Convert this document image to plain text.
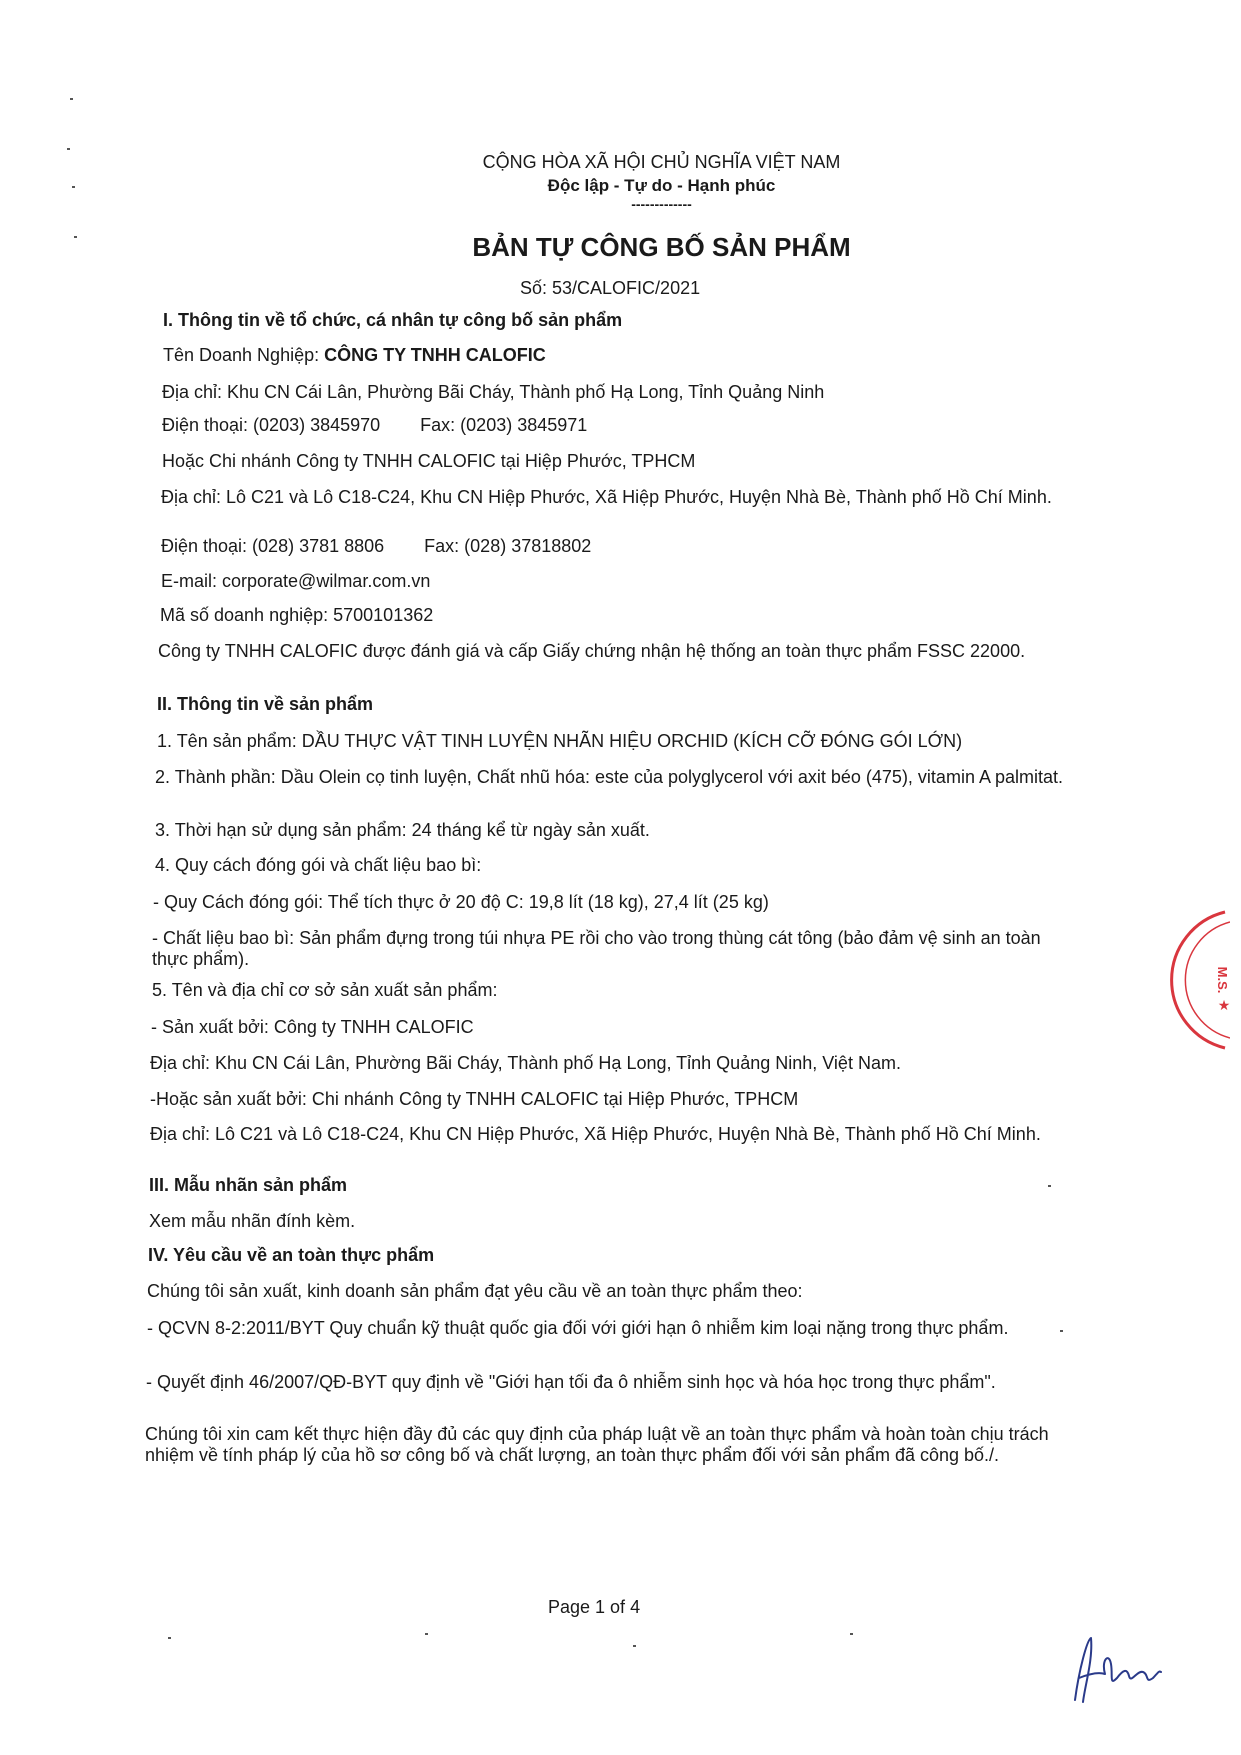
CỘNG HÒA XÃ HỘI CHỦ NGHĨA VIỆT NAM
Độc lập - Tự do - Hạnh phúc
-------------
BẢN TỰ CÔNG BỐ SẢN PHẨM
Số: 53/CALOFIC/2021
I. Thông tin về tổ chức, cá nhân tự công bố sản phẩm
Tên Doanh Nghiệp: CÔNG TY TNHH CALOFIC
Địa chỉ: Khu CN Cái Lân, Phường Bãi Cháy, Thành phố Hạ Long, Tỉnh Quảng Ninh
Điện thoại: (0203) 3845970 Fax: (0203) 3845971
Hoặc Chi nhánh Công ty TNHH CALOFIC tại Hiệp Phước, TPHCM
Địa chỉ: Lô C21 và Lô C18-C24, Khu CN Hiệp Phước, Xã Hiệp Phước, Huyện Nhà Bè, Thành phố Hồ Chí Minh.
Điện thoại: (028) 3781 8806 Fax: (028) 37818802
E-mail: corporate@wilmar.com.vn
Mã số doanh nghiệp: 5700101362
Công ty TNHH CALOFIC được đánh giá và cấp Giấy chứng nhận hệ thống an toàn thực phẩm FSSC 22000.
II. Thông tin về sản phẩm
1. Tên sản phẩm: DẦU THỰC VẬT TINH LUYỆN NHÃN HIỆU ORCHID (KÍCH CỠ ĐÓNG GÓI LỚN)
2. Thành phần: Dầu Olein cọ tinh luyện, Chất nhũ hóa: este của polyglycerol với axit béo (475), vitamin A palmitat.
3. Thời hạn sử dụng sản phẩm: 24 tháng kể từ ngày sản xuất.
4. Quy cách đóng gói và chất liệu bao bì:
- Quy Cách đóng gói: Thể tích thực ở 20 độ C: 19,8 lít (18 kg), 27,4 lít (25 kg)
- Chất liệu bao bì: Sản phẩm đựng trong túi nhựa PE rồi cho vào trong thùng cát tông (bảo đảm vệ sinh an toàn thực phẩm).
5. Tên và địa chỉ cơ sở sản xuất sản phẩm:
- Sản xuất bởi: Công ty TNHH CALOFIC
Địa chỉ: Khu CN Cái Lân, Phường Bãi Cháy, Thành phố Hạ Long, Tỉnh Quảng Ninh, Việt Nam.
-Hoặc sản xuất bởi: Chi nhánh Công ty TNHH CALOFIC tại Hiệp Phước, TPHCM
Địa chỉ: Lô C21 và Lô C18-C24, Khu CN Hiệp Phước, Xã Hiệp Phước, Huyện Nhà Bè, Thành phố Hồ Chí Minh.
III. Mẫu nhãn sản phẩm
Xem mẫu nhãn đính kèm.
IV. Yêu cầu về an toàn thực phẩm
Chúng tôi sản xuất, kinh doanh sản phẩm đạt yêu cầu về an toàn thực phẩm theo:
- QCVN 8-2:2011/BYT Quy chuẩn kỹ thuật quốc gia đối với giới hạn ô nhiễm kim loại nặng trong thực phẩm.
- Quyết định 46/2007/QĐ-BYT quy định về "Giới hạn tối đa ô nhiễm sinh học và hóa học trong thực phẩm".
Chúng tôi xin cam kết thực hiện đầy đủ các quy định của pháp luật về an toàn thực phẩm và hoàn toàn chịu trách nhiệm về tính pháp lý của hồ sơ công bố và chất lượng, an toàn thực phẩm đối với sản phẩm đã công bố./.
Page 1 of 4
M.S.
★
